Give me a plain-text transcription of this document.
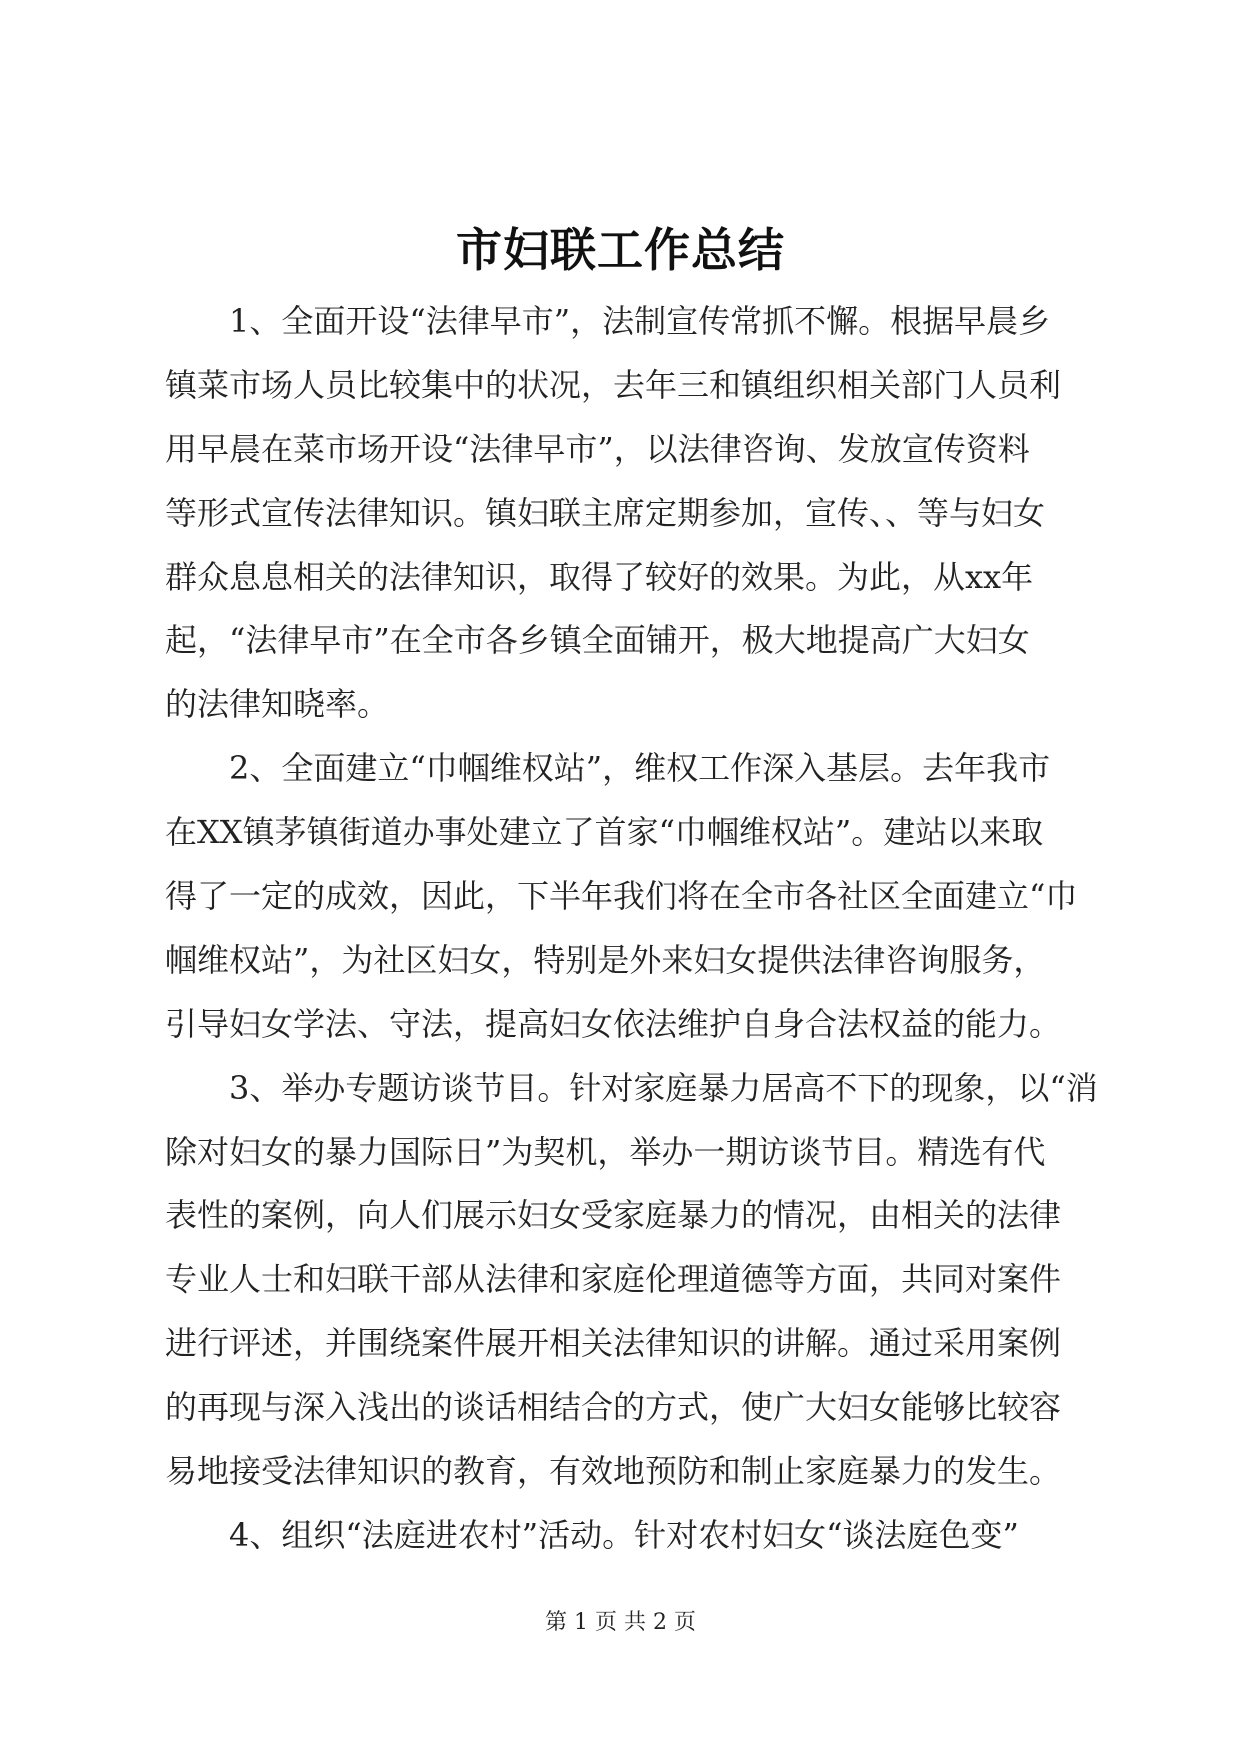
市妇联工作总结
1、全面开设“法律早市”，法制宣传常抓不懈。根据早晨乡
镇菜市场人员比较集中的状况，去年三和镇组织相关部门人员利
用早晨在菜市场开设“法律早市”，以法律咨询、发放宣传资料
等形式宣传法律知识。镇妇联主席定期参加，宣传、、等与妇女
群众息息相关的法律知识，取得了较好的效果。为此，从xx年
起，“法律早市”在全市各乡镇全面铺开，极大地提高广大妇女
的法律知晓率。
2、全面建立“巾帼维权站”，维权工作深入基层。去年我市
在XX镇茅镇街道办事处建立了首家“巾帼维权站”。建站以来取
得了一定的成效，因此，下半年我们将在全市各社区全面建立“巾
帼维权站”，为社区妇女，特别是外来妇女提供法律咨询服务，
引导妇女学法、守法，提高妇女依法维护自身合法权益的能力。
3、举办专题访谈节目。针对家庭暴力居高不下的现象，以“消
除对妇女的暴力国际日”为契机，举办一期访谈节目。精选有代
表性的案例，向人们展示妇女受家庭暴力的情况，由相关的法律
专业人士和妇联干部从法律和家庭伦理道德等方面，共同对案件
进行评述，并围绕案件展开相关法律知识的讲解。通过采用案例
的再现与深入浅出的谈话相结合的方式，使广大妇女能够比较容
易地接受法律知识的教育，有效地预防和制止家庭暴力的发生。
4、组织“法庭进农村”活动。针对农村妇女“谈法庭色变”
第 1 页 共 2 页
